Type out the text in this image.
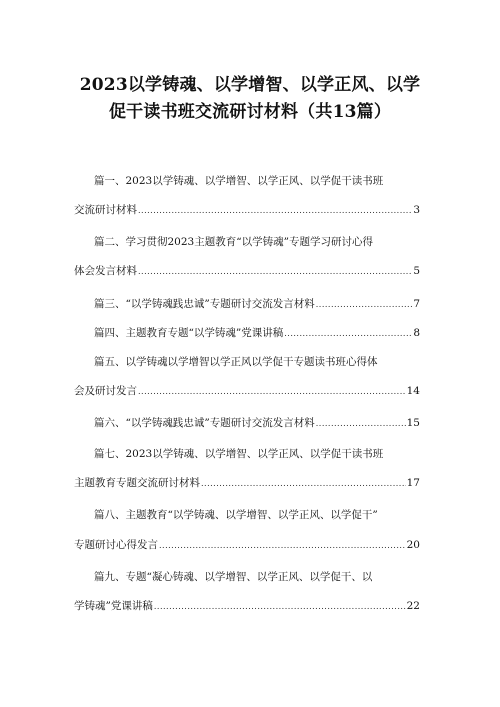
2023以学铸魂、以学增智、以学正风、以学
促干读书班交流研讨材料（共13篇）
篇一、2023以学铸魂、以学增智、以学正风、以学促干读书班
交流研讨材料 .....	3
篇二、学习贯彻2023主题教育“以学铸魂”专题学习研讨心得
体会发言材料 .....	5
篇三、“以学铸魂践忠诚”专题研讨交流发言材料 .....	7
篇四、主题教育专题“以学铸魂”党课讲稿 .....	8
篇五、以学铸魂以学增智以学正风以学促干专题读书班心得体
会及研讨发言 .....	14
篇六、“以学铸魂践忠诚”专题研讨交流发言材料 .....	15
篇七、2023以学铸魂、以学增智、以学正风、以学促干读书班
主题教育专题交流研讨材料 .....	17
篇八、主题教育“以学铸魂、以学增智、以学正风、以学促干”
专题研讨心得发言 .....	20
篇九、专题“凝心铸魂、以学增智、以学正风、以学促干、以
学铸魂”党课讲稿 .....	22
